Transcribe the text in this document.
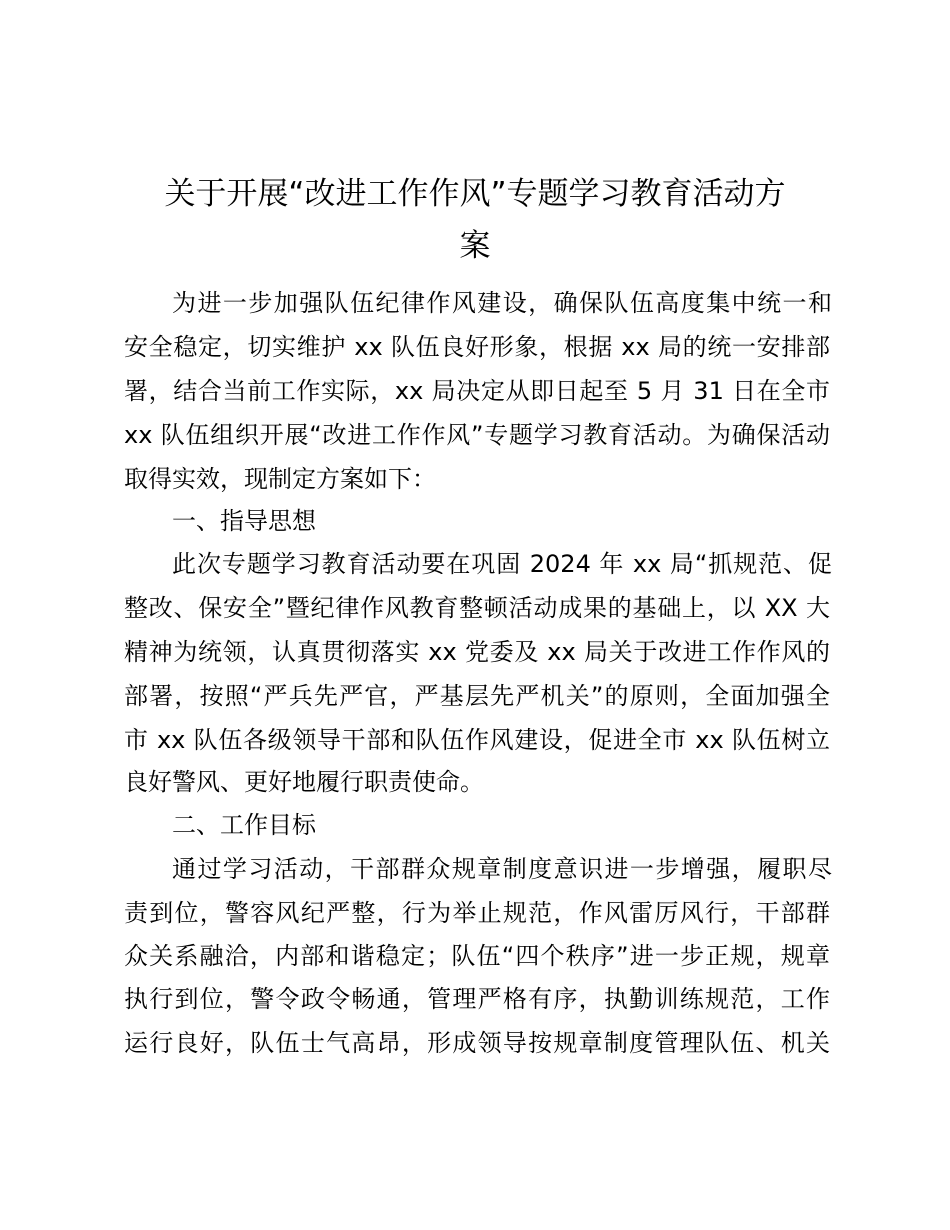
关于开展“改进工作作风”专题学习教育活动方
案

为进一步加强队伍纪律作风建设，确保队伍高度集中统一和

安全稳定，切实维护 xx 队伍良好形象，根据 xx 局的统一安排部

署，结合当前工作实际，xx 局决定从即日起至 5 月 31 日在全市

xx 队伍组织开展“改进工作作风”专题学习教育活动。为确保活动

取得实效，现制定方案如下：

一、指导思想

此次专题学习教育活动要在巩固 2024 年 xx 局“抓规范、促

整改、保安全”暨纪律作风教育整顿活动成果的基础上，以 XX 大

精神为统领，认真贯彻落实 xx 党委及 xx 局关于改进工作作风的

部署，按照“严兵先严官，严基层先严机关”的原则，全面加强全

市 xx 队伍各级领导干部和队伍作风建设，促进全市 xx 队伍树立

良好警风、更好地履行职责使命。

二、工作目标

通过学习活动，干部群众规章制度意识进一步增强，履职尽

责到位，警容风纪严整，行为举止规范，作风雷厉风行，干部群

众关系融洽，内部和谐稳定；队伍“四个秩序”进一步正规，规章

执行到位，警令政令畅通，管理严格有序，执勤训练规范，工作

运行良好，队伍士气高昂，形成领导按规章制度管理队伍、机关
